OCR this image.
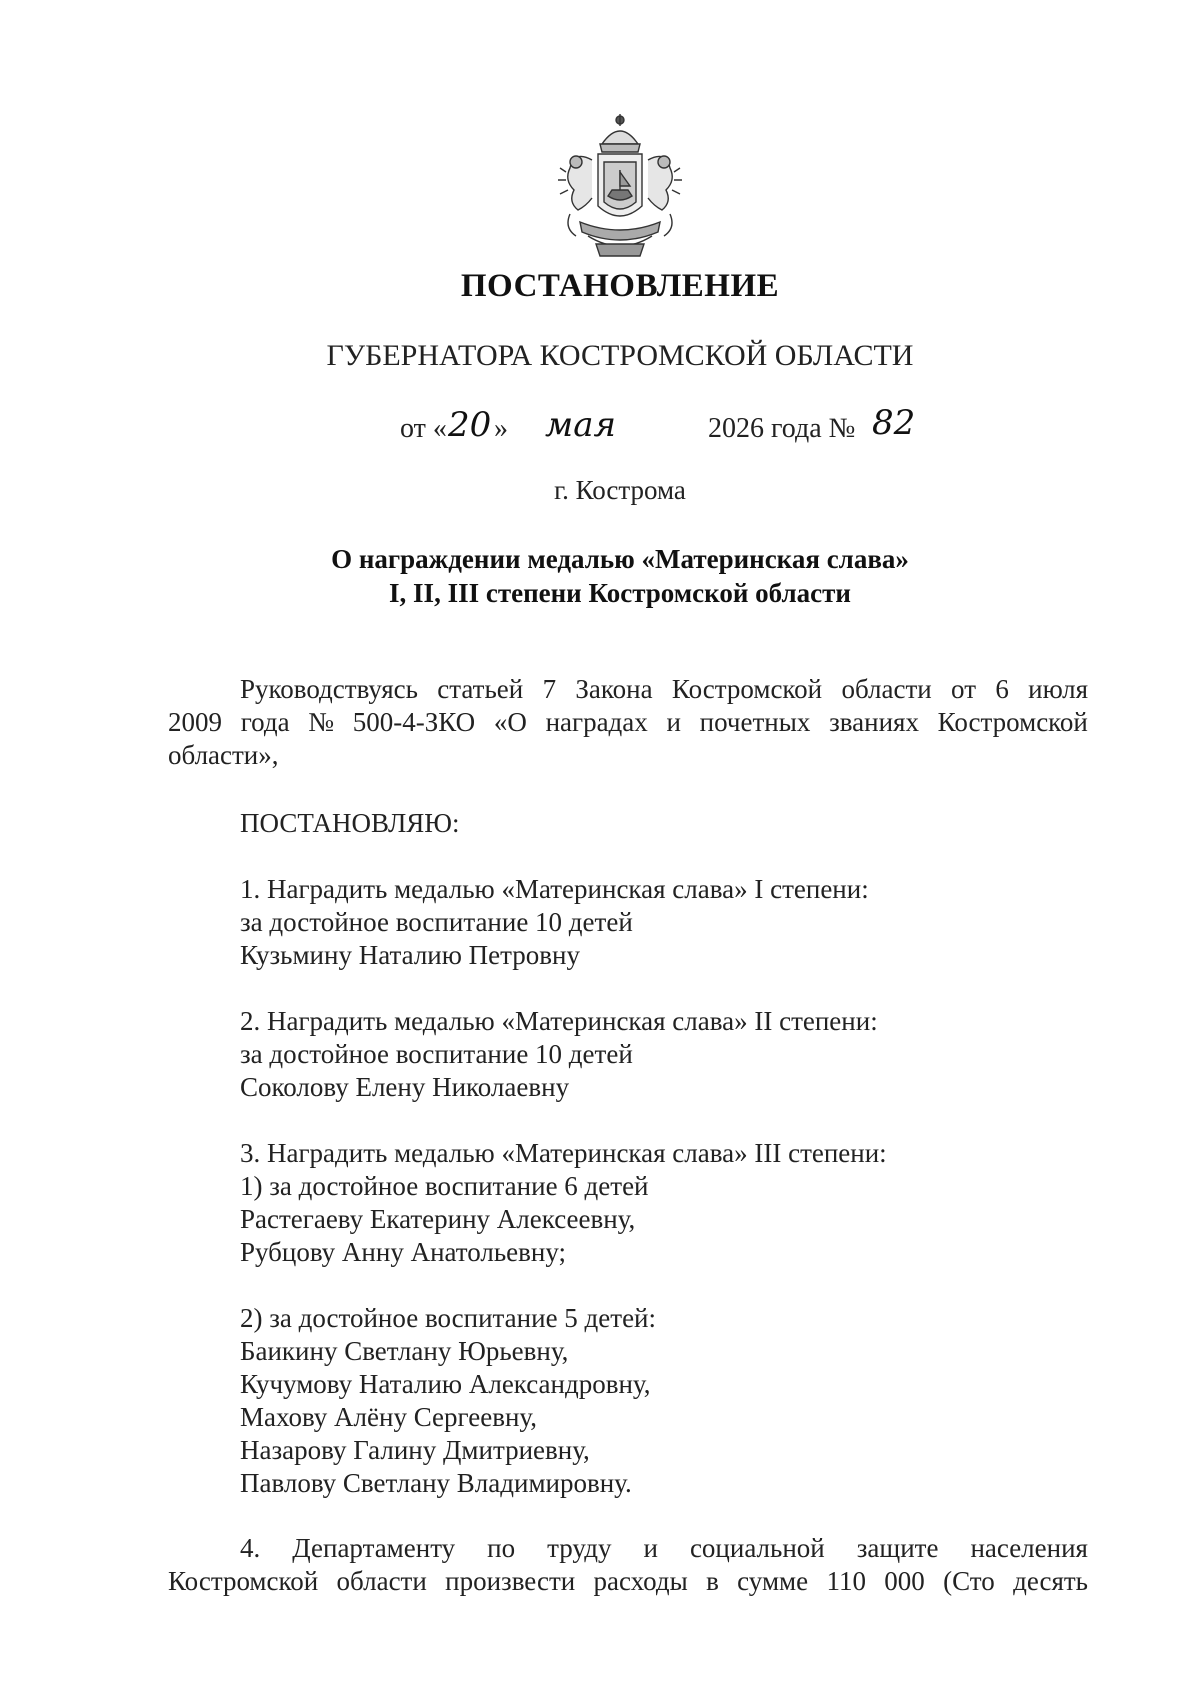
ПОСТАНОВЛЕНИЕ
ГУБЕРНАТОРА КОСТРОМСКОЙ ОБЛАСТИ
от « 20 » мая	2026 года № 82
г. Кострома
О награждении медалью «Материнская слава»
I, II, III степени Костромской области
Руководствуясь статьей 7 Закона Костромской области от 6 июля
2009 года № 500-4-ЗКО «О наградах и почетных званиях Костромской
области»,
ПОСТАНОВЛЯЮ:
1. Наградить медалью «Материнская слава» I степени:
за достойное воспитание 10 детей
Кузьмину Наталию Петровну
2. Наградить медалью «Материнская слава» II степени:
за достойное воспитание 10 детей
Соколову Елену Николаевну
3. Наградить медалью «Материнская слава» III степени:
1) за достойное воспитание 6 детей
Растегаеву Екатерину Алексеевну,
Рубцову Анну Анатольевну;
2) за достойное воспитание 5 детей:
Баикину Светлану Юрьевну,
Кучумову Наталию Александровну,
Махову Алёну Сергеевну,
Назарову Галину Дмитриевну,
Павлову Светлану Владимировну.
4. Департаменту по труду и социальной защите населения
Костромской области произвести расходы в сумме 110 000 (Сто десять
